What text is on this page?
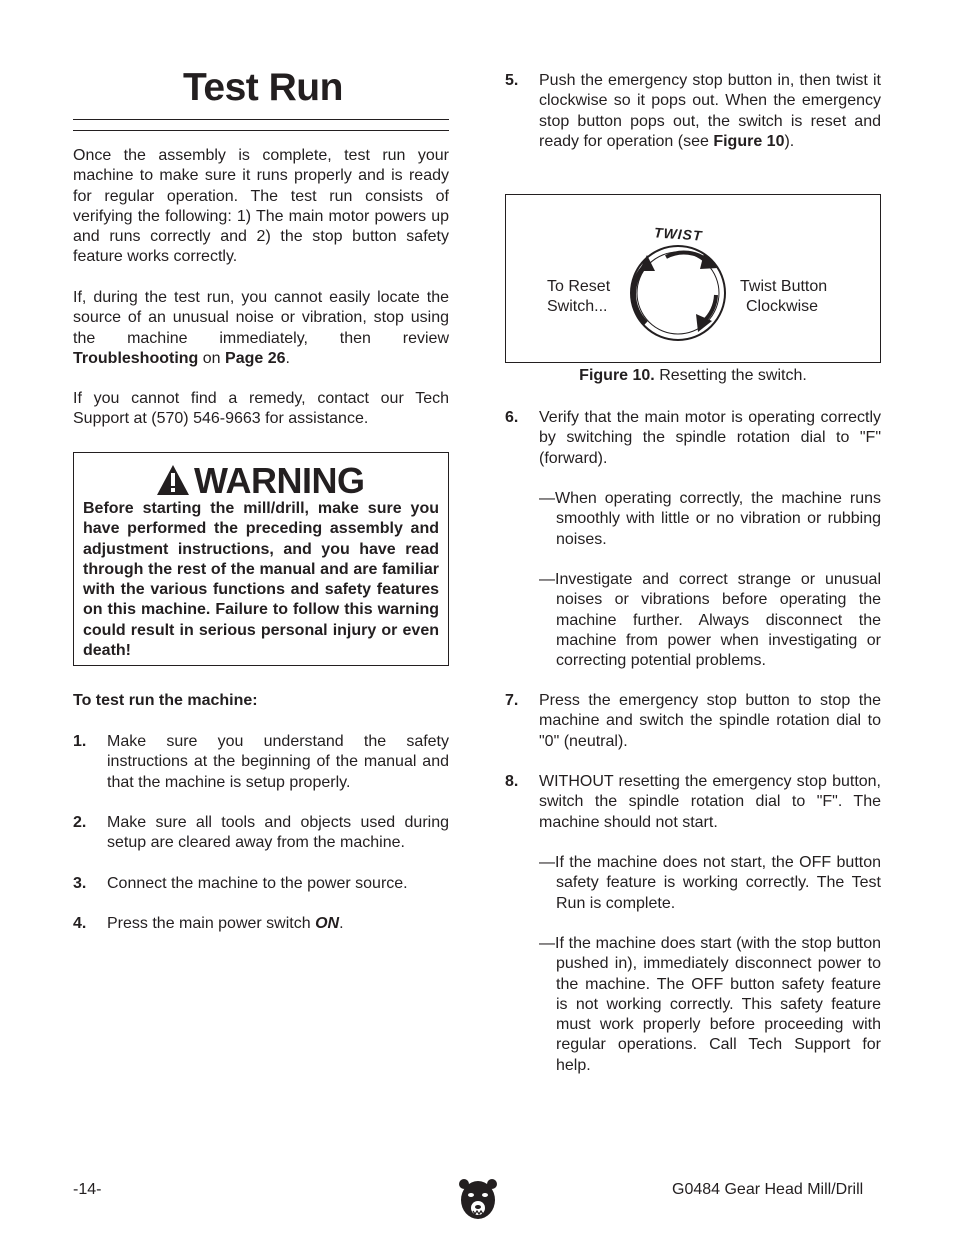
Test Run

Once the assembly is complete, test run your machine to make sure it runs properly and is ready for regular operation. The test run consists of verifying the following: 1) The main motor powers up and runs correctly and 2) the stop button safety feature works correctly.

If, during the test run, you cannot easily locate the source of an unusual noise or vibration, stop using the machine immediately, then review Troubleshooting on Page 26.

If you cannot find a remedy, contact our Tech Support at (570) 546-9663 for assistance.

WARNING
Before starting the mill/drill, make sure you have performed the preceding assembly and adjustment instructions, and you have read through the rest of the manual and are familiar with the various functions and safety features on this machine. Failure to follow this warning could result in serious personal injury or even death!
To test run the machine:
1. Make sure you understand the safety instructions at the beginning of the manual and that the machine is setup properly.

2. Make sure all tools and objects used during setup are cleared away from the machine.

3. Connect the machine to the power source.

4. Press the main power switch ON.

5. Push the emergency stop button in, then twist it clockwise so it pops out. When the emergency stop button pops out, the switch is reset and ready for operation (see Figure 10).

TWIST
To Reset
Switch...
Twist Button
Clockwise
Figure 10. Resetting the switch.
6. Verify that the main motor is operating correctly by switching the spindle rotation dial to "F" (forward).

—When operating correctly, the machine runs smoothly with little or no vibration or rubbing noises.

—Investigate and correct strange or unusual noises or vibrations before operating the machine further. Always disconnect the machine from power when investigating or correcting potential problems.

7. Press the emergency stop button to stop the machine and switch the spindle rotation dial to "0" (neutral).

8. WITHOUT resetting the emergency stop button, switch the spindle rotation dial to "F". The machine should not start.

—If the machine does not start, the OFF button safety feature is working correctly. The Test Run is complete.

—If the machine does start (with the stop button pushed in), immediately disconnect power to the machine. The OFF button safety feature is not working correctly. This safety feature must work properly before proceeding with regular operations. Call Tech Support for help.

-14-	G0484 Gear Head Mill/Drill
